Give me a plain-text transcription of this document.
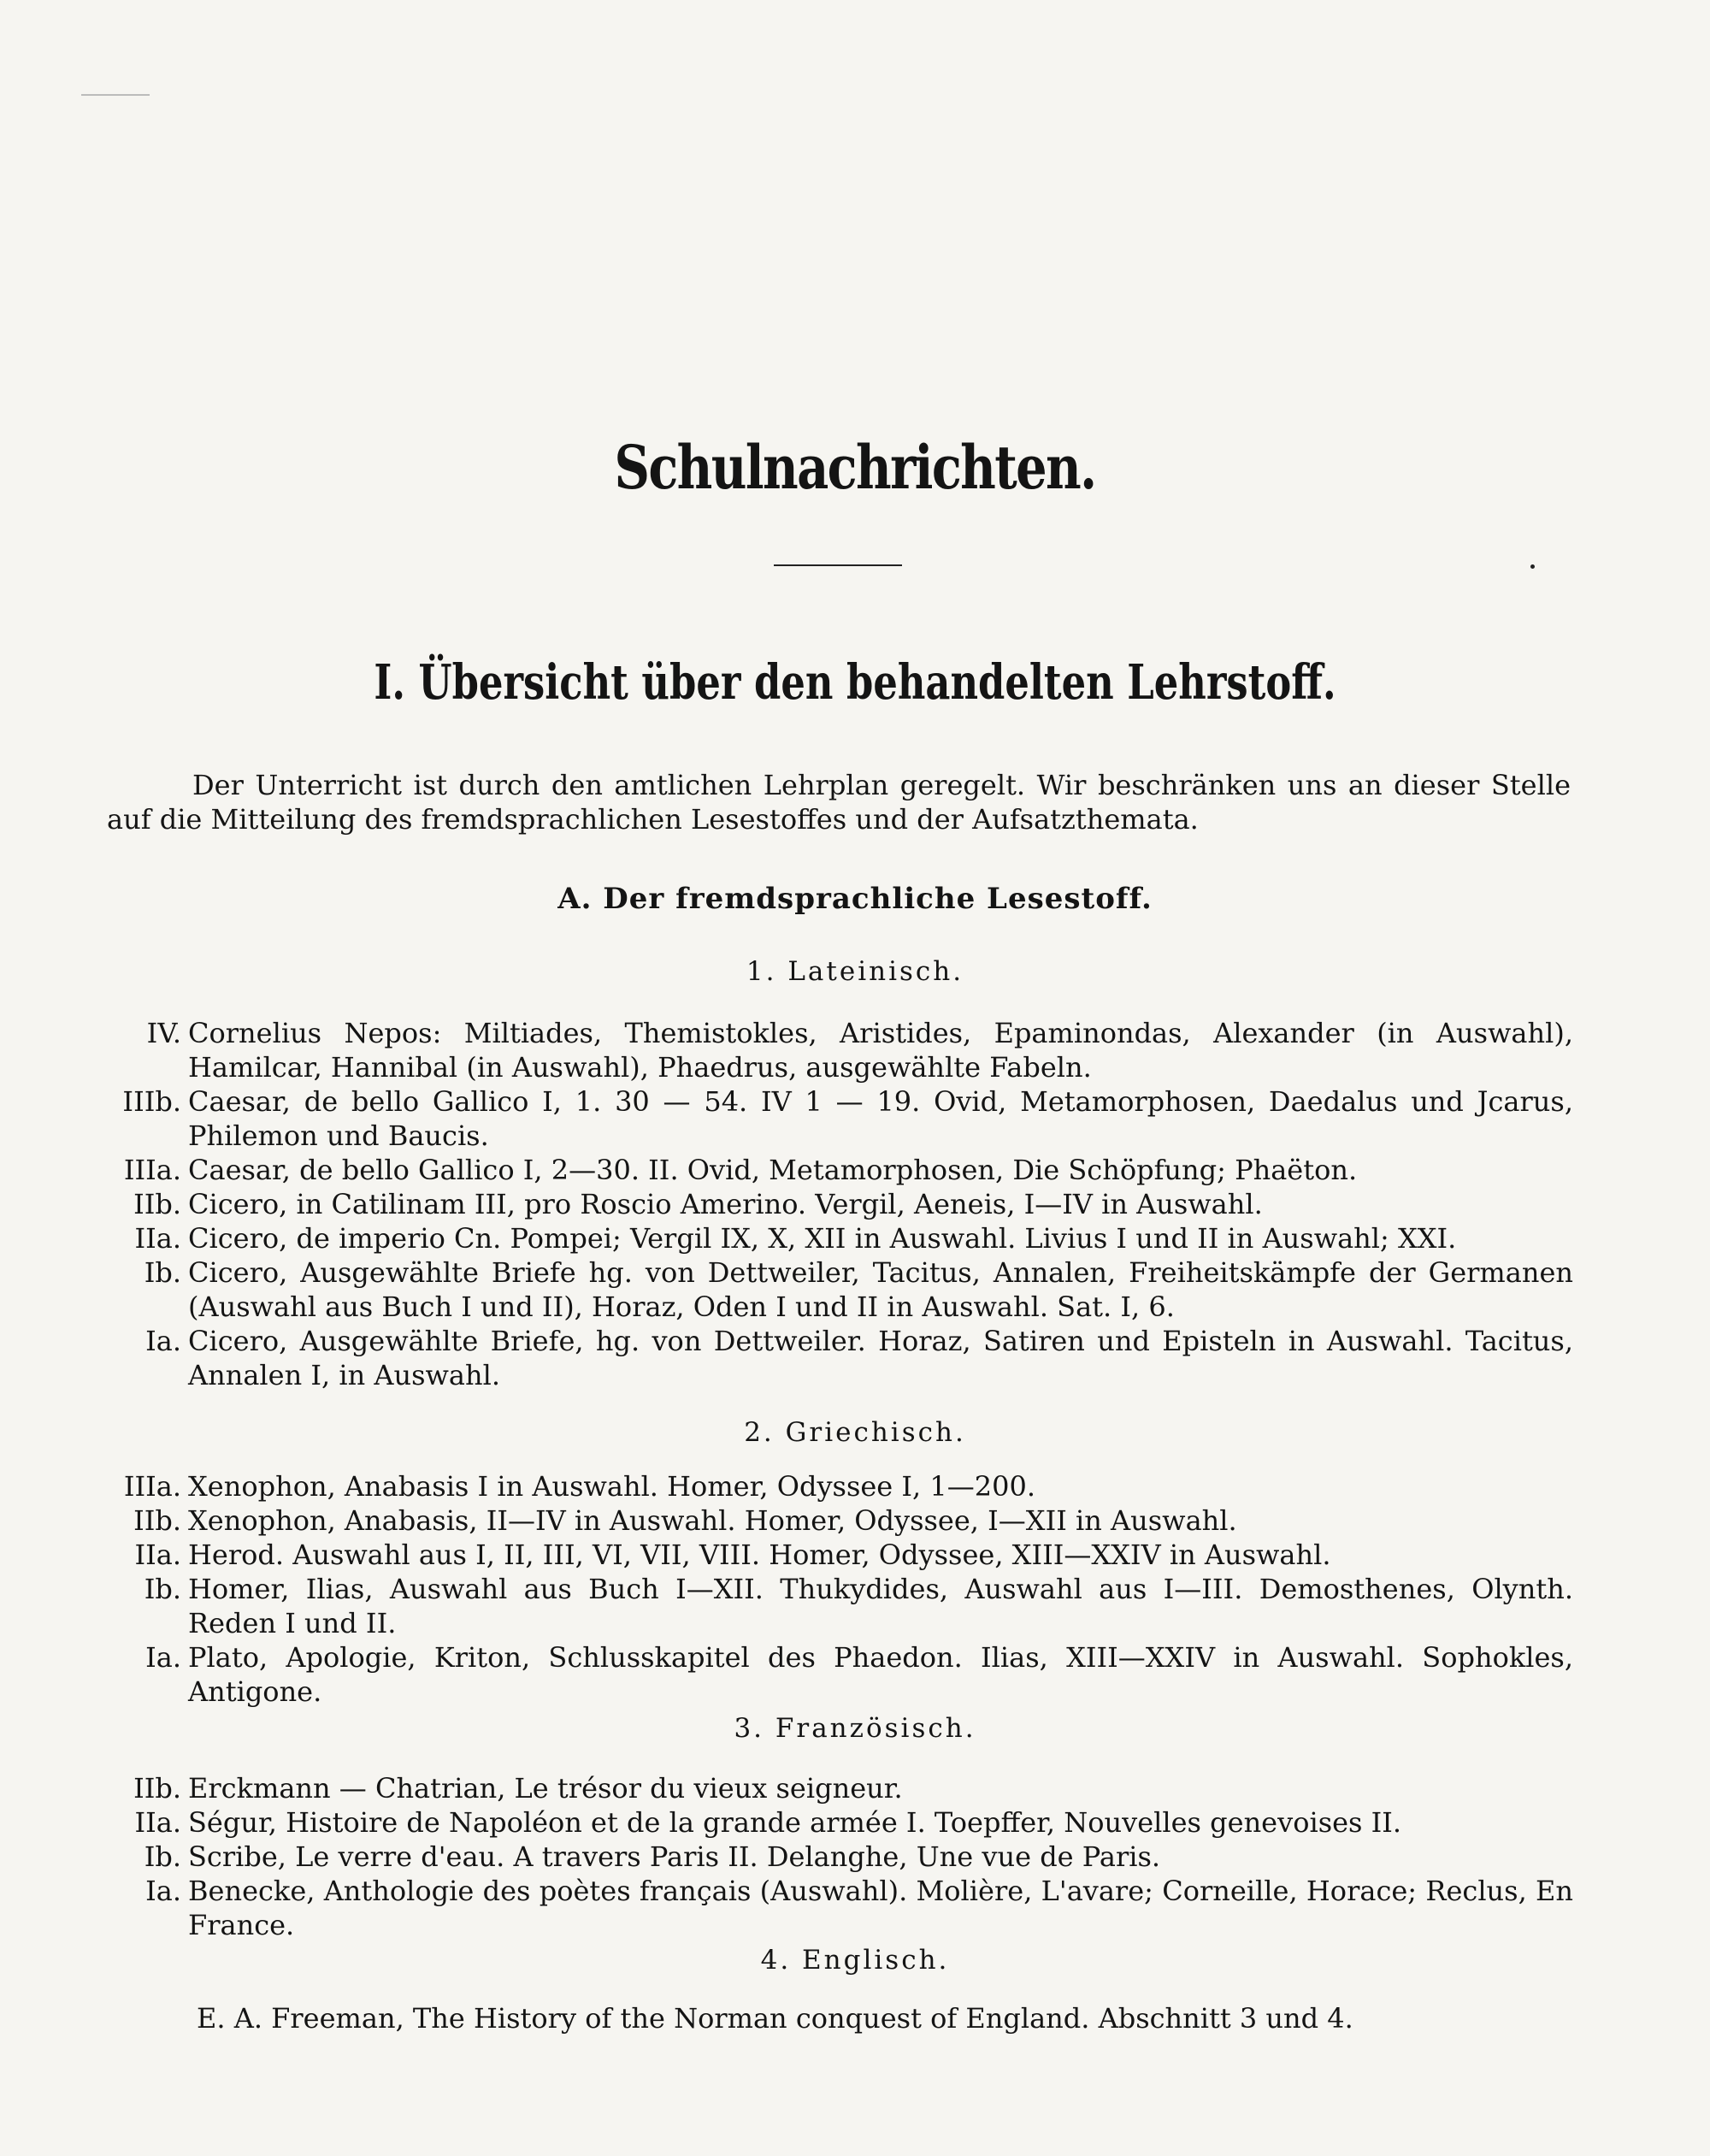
Schulnachrichten.
I. Übersicht über den behandelten Lehrstoff.
Der Unterricht ist durch den amtlichen Lehrplan geregelt. Wir beschränken uns an dieser Stelle auf die Mitteilung des fremdsprachlichen Lesestoffes und der Aufsatzthemata.
A. Der fremdsprachliche Lesestoff.
1. Lateinisch.
IV. Cornelius Nepos: Miltiades, Themistokles, Aristides, Epaminondas, Alexander (in Auswahl), Hamilcar, Hannibal (in Auswahl), Phaedrus, ausgewählte Fabeln.
IIIb. Caesar, de bello Gallico I, 1. 30 — 54. IV 1 — 19. Ovid, Metamorphosen, Daedalus und Jcarus, Philemon und Baucis.
IIIa. Caesar, de bello Gallico I, 2—30. II. Ovid, Metamorphosen, Die Schöpfung; Phaëton.
IIb. Cicero, in Catilinam III, pro Roscio Amerino. Vergil, Aeneis, I—IV in Auswahl.
IIa. Cicero, de imperio Cn. Pompei; Vergil IX, X, XII in Auswahl. Livius I und II in Auswahl; XXI.
Ib. Cicero, Ausgewählte Briefe hg. von Dettweiler, Tacitus, Annalen, Freiheitskämpfe der Germanen (Auswahl aus Buch I und II), Horaz, Oden I und II in Auswahl. Sat. I, 6.
Ia. Cicero, Ausgewählte Briefe, hg. von Dettweiler. Horaz, Satiren und Episteln in Auswahl. Tacitus, Annalen I, in Auswahl.
2. Griechisch.
IIIa. Xenophon, Anabasis I in Auswahl. Homer, Odyssee I, 1—200.
IIb. Xenophon, Anabasis, II—IV in Auswahl. Homer, Odyssee, I—XII in Auswahl.
IIa. Herod. Auswahl aus I, II, III, VI, VII, VIII. Homer, Odyssee, XIII—XXIV in Auswahl.
Ib. Homer, Ilias, Auswahl aus Buch I—XII. Thukydides, Auswahl aus I—III. Demosthenes, Olynth. Reden I und II.
Ia. Plato, Apologie, Kriton, Schlusskapitel des Phaedon. Ilias, XIII—XXIV in Auswahl. Sophokles, Antigone.
3. Französisch.
IIb. Erckmann — Chatrian, Le trésor du vieux seigneur.
IIa. Ségur, Histoire de Napoléon et de la grande armée I. Toepffer, Nouvelles genevoises II.
Ib. Scribe, Le verre d'eau. A travers Paris II. Delanghe, Une vue de Paris.
Ia. Benecke, Anthologie des poètes français (Auswahl). Molière, L'avare; Corneille, Horace; Reclus, En France.
4. Englisch.
E. A. Freeman, The History of the Norman conquest of England. Abschnitt 3 und 4.
